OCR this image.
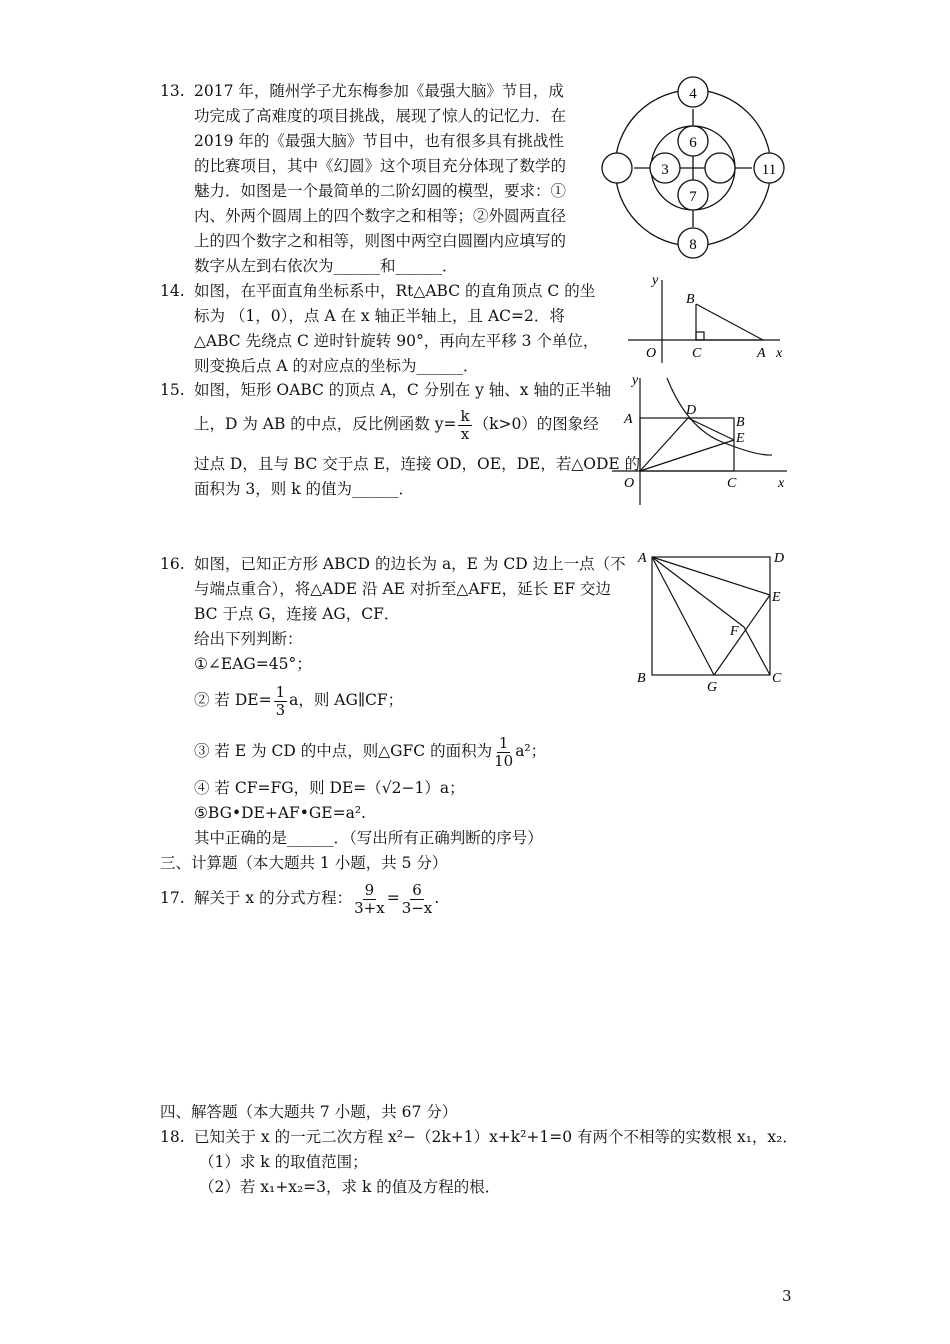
13. 2017 年，随州学子尤东梅参加《最强大脑》节目，成
功完成了高难度的项目挑战，展现了惊人的记忆力．在
2019 年的《最强大脑》节目中，也有很多具有挑战性
的比赛项目，其中《幻圆》这个项目充分体现了数学的
魅力．如图是一个最简单的二阶幻圆的模型，要求：①
内、外两个圆周上的四个数字之和相等；②外圆两直径
上的四个数字之和相等，则图中两空白圆圈内应填写的
数字从左到右依次为______和______．
4
6
3
7
11
8
14. 如图，在平面直角坐标系中，Rt△ABC 的直角顶点 C 的坐
标为 （1，0），点 A 在 x 轴正半轴上，且 AC=2．将
△ABC 先绕点 C 逆时针旋转 90°，再向左平移 3 个单位，
则变换后点 A 的对应点的坐标为______．
y
x
O
B
C	A
15. 如图，矩形 OABC 的顶点 A，C 分别在 y 轴、x 轴的正半轴
上，D 为 AB 的中点，反比例函数 $y= \frac{k}{x} (k>0)$的图象经
过点 D，且与 BC 交于点 E，连接 OD，OE，DE，若△ODE 的
面积为 3，则 k 的值为______．
y
x
O
A
D
B
E
C
16. 如图，已知正方形 ABCD 的边长为 a，E 为 CD 边上一点（不
与端点重合），将△ADE 沿 AE 对折至△AFE，延长 EF 交边
BC 于点 G，连接 AG，CF．
给出下列判断：
①∠EAG=45°；
② 若 $DE= \frac{1}{3}$ a，则 AG∥CF；
③ 若 E 为 CD 的中点，则△GFC 的面积为 $\frac{1}{10} a^2$；
④ 若 CF=FG，则 DE=（√2−1）a；
⑤BG•DE+AF•GE=a².
其中正确的是______．（写出所有正确判断的序号）
A	D
E
F
B
G
C
三、计算题（本大题共 1 小题，共 5 分）
17. 解关于 x 的分式方程： $\frac{9}{3+x} = \frac{6}{3-x}$ .
四、解答题（本大题共 7 小题，共 67 分）
18. 已知关于 x 的一元二次方程 x²−（2k+1）x+k²+1=0 有两个不相等的实数根 x₁，x₂．
（1）求 k 的取值范围；
（2）若 x₁+x₂=3，求 k 的值及方程的根．
3
